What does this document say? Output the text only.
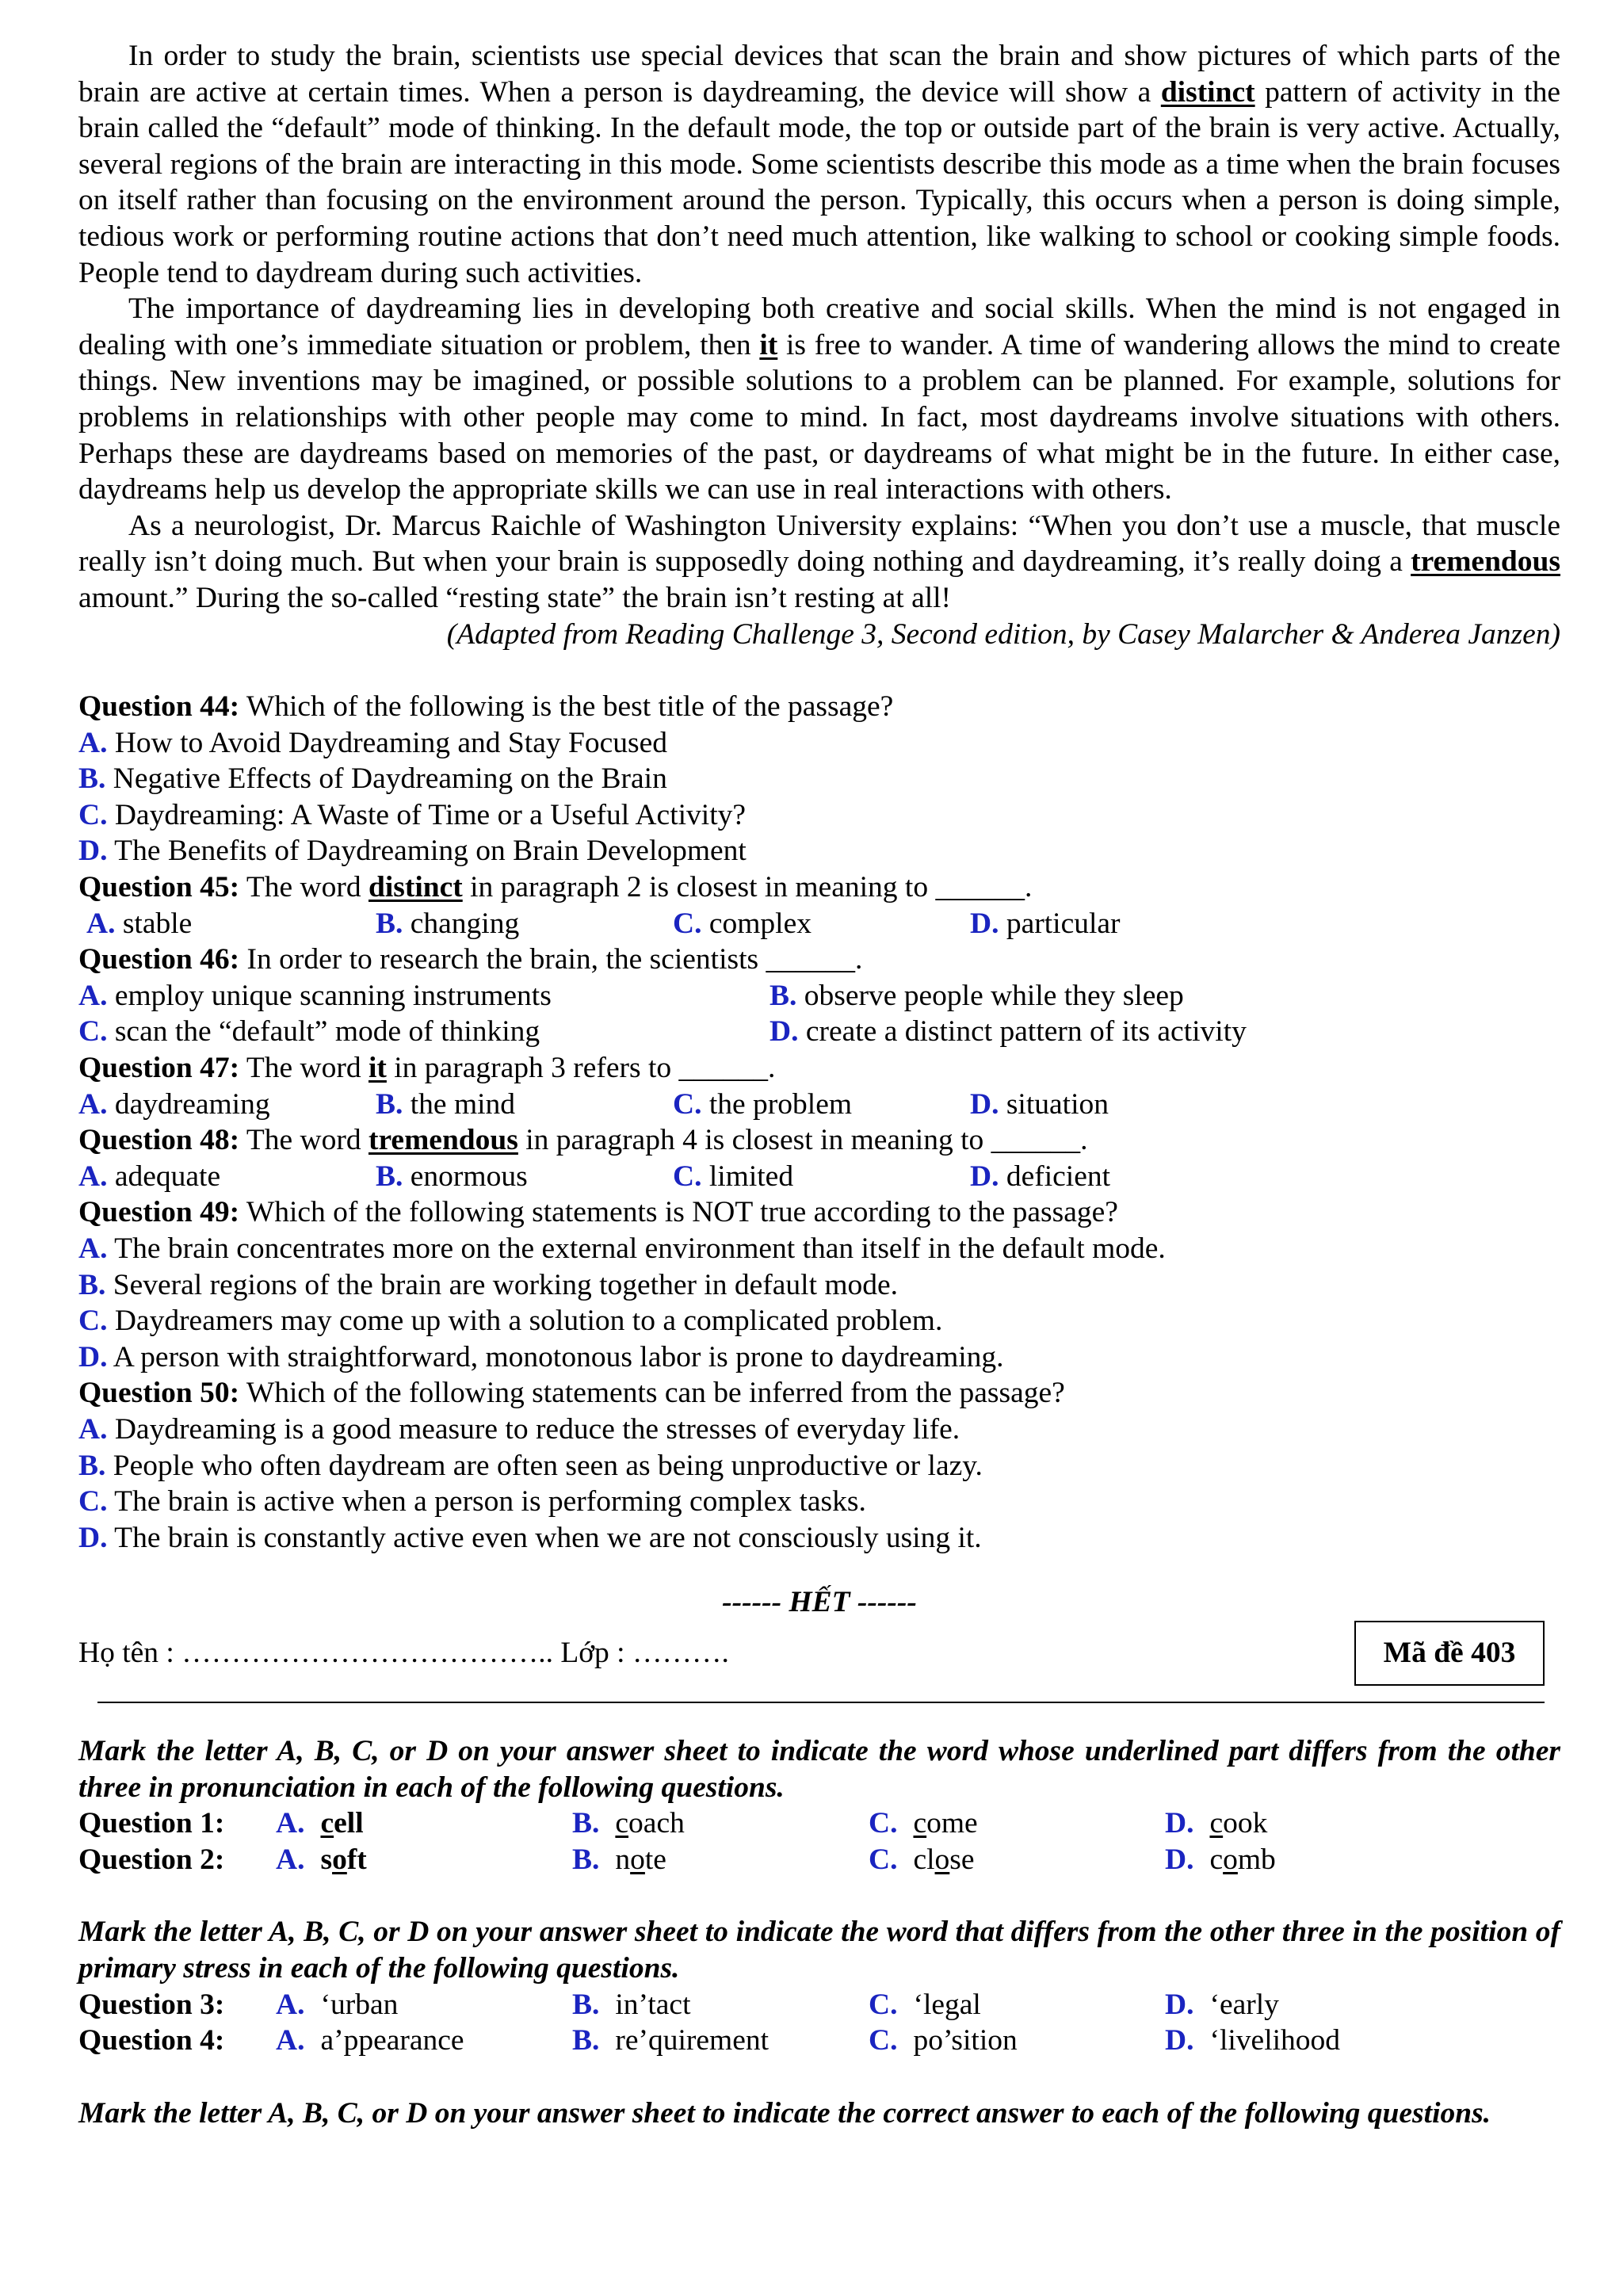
In order to study the brain, scientists use special devices that scan the brain and show pictures of which parts of the brain are active at certain times. When a person is daydreaming, the device will show a distinct pattern of activity in the brain called the “default” mode of thinking. In the default mode, the top or outside part of the brain is very active. Actually, several regions of the brain are interacting in this mode. Some scientists describe this mode as a time when the brain focuses on itself rather than focusing on the environment around the person. Typically, this occurs when a person is doing simple, tedious work or performing routine actions that don’t need much attention, like walking to school or cooking simple foods. People tend to daydream during such activities.

The importance of daydreaming lies in developing both creative and social skills. When the mind is not engaged in dealing with one’s immediate situation or problem, then it is free to wander. A time of wandering allows the mind to create things. New inventions may be imagined, or possible solutions to a problem can be planned. For example, solutions for problems in relationships with other people may come to mind. In fact, most daydreams involve situations with others. Perhaps these are daydreams based on memories of the past, or daydreams of what might be in the future. In either case, daydreams help us develop the appropriate skills we can use in real interactions with others.

As a neurologist, Dr. Marcus Raichle of Washington University explains: “When you don’t use a muscle, that muscle really isn’t doing much. But when your brain is supposedly doing nothing and daydreaming, it’s really doing a tremendous amount.” During the so-called “resting state” the brain isn’t resting at all!

(Adapted from Reading Challenge 3, Second edition, by Casey Malarcher & Anderea Janzen)

Question 44: Which of the following is the best title of the passage?

A. How to Avoid Daydreaming and Stay Focused

B. Negative Effects of Daydreaming on the Brain

C. Daydreaming: A Waste of Time or a Useful Activity?

D. The Benefits of Daydreaming on Brain Development

Question 45: The word distinct in paragraph 2 is closest in meaning to ______.

A. stable	B. changing	C. complex	D. particular

Question 46: In order to research the brain, the scientists ______.

A. employ unique scanning instruments	B. observe people while they sleep
C. scan the “default” mode of thinking	D. create a distinct pattern of its activity

Question 47: The word it in paragraph 3 refers to ______.

A. daydreaming	B. the mind	C. the problem	D. situation

Question 48: The word tremendous in paragraph 4 is closest in meaning to ______.

A. adequate	B. enormous	C. limited	D. deficient

Question 49: Which of the following statements is NOT true according to the passage?

A. The brain concentrates more on the external environment than itself in the default mode.

B. Several regions of the brain are working together in default mode.

C. Daydreamers may come up with a solution to a complicated problem.

D. A person with straightforward, monotonous labor is prone to daydreaming.

Question 50: Which of the following statements can be inferred from the passage?

A. Daydreaming is a good measure to reduce the stresses of everyday life.

B. People who often daydream are often seen as being unproductive or lazy.

C. The brain is active when a person is performing complex tasks.

D. The brain is constantly active even when we are not consciously using it.

------ HẾT ------

Họ tên : ……………………………….. Lớp : ……….	Mã đề 403

Mark the letter A, B, C, or D on your answer sheet to indicate the word whose underlined part differs from the other three in pronunciation in each of the following questions.

Question 1:	A. cell	B. coach	C. come	D. cook
Question 2:	A. soft	B. note	C. close	D. comb

Mark the letter A, B, C, or D on your answer sheet to indicate the word that differs from the other three in the position of primary stress in each of the following questions.

Question 3:	A. ‘urban	B. in’tact	C. ‘legal	D. ‘early
Question 4:	A. a’ppearance	B. re’quirement	C. po’sition	D. ‘livelihood

Mark the letter A, B, C, or D on your answer sheet to indicate the correct answer to each of the following questions.
